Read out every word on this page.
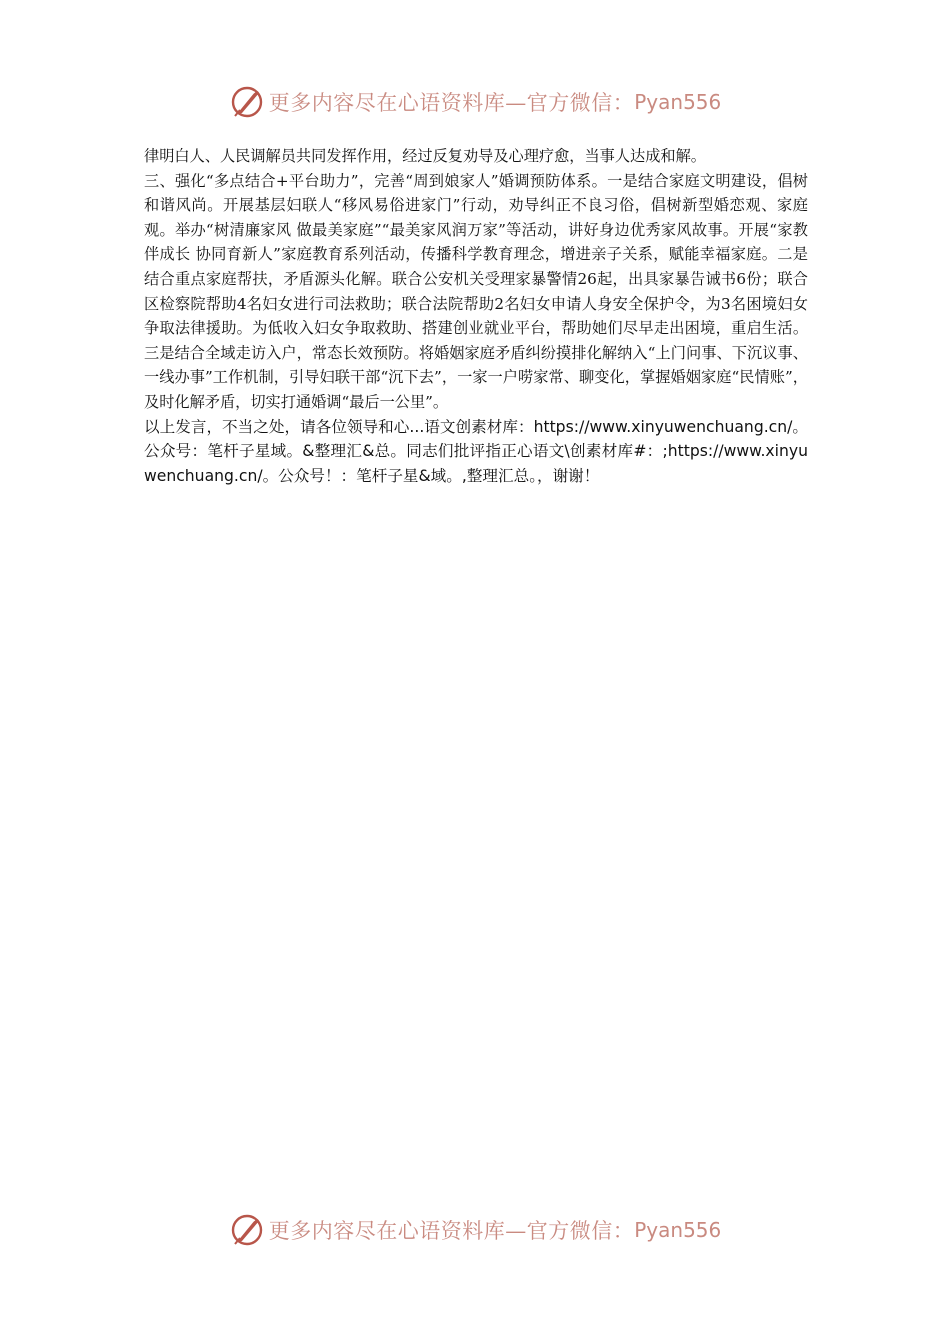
更多内容尽在心语资料库—官方微信： Pyan556

律明白人、人民调解员共同发挥作用，经过反复劝导及心理疗愈，当事人达成和解。

三、强化“多点结合+平台助力”，完善“周到娘家人”婚调预防体系。一是结合家庭文明建设，倡树和谐风尚。开展基层妇联人“移风易俗进家门”行动，劝导纠正不良习俗，倡树新型婚恋观、家庭观。举办“树清廉家风 做最美家庭”“最美家风润万家”等活动，讲好身边优秀家风故事。开展“家教伴成长 协同育新人”家庭教育系列活动，传播科学教育理念，增进亲子关系，赋能幸福家庭。二是结合重点家庭帮扶，矛盾源头化解。联合公安机关受理家暴警情26起，出具家暴告诫书6份；联合区检察院帮助4名妇女进行司法救助；联合法院帮助2名妇女申请人身安全保护令，为3名困境妇女争取法律援助。为低收入妇女争取救助、搭建创业就业平台，帮助她们尽早走出困境，重启生活。三是结合全域走访入户，常态长效预防。将婚姻家庭矛盾纠纷摸排化解纳入“上门问事、下沉议事、一线办事”工作机制，引导妇联干部“沉下去”，一家一户唠家常、聊变化，掌握婚姻家庭“民情账”，及时化解矛盾，切实打通婚调“最后一公里”。

以上发言，不当之处，请各位领导和心...语文创素材库：https://www.xinyuwenchuang.cn/。公众号：笔杆子星域。&整理汇&总。同志们批评指正心语文\创素材库#：;https://www.xinyuwenchuang.cn/。公众号！：笔杆子星&域。,整理汇总。，谢谢！

更多内容尽在心语资料库—官方微信： Pyan556
